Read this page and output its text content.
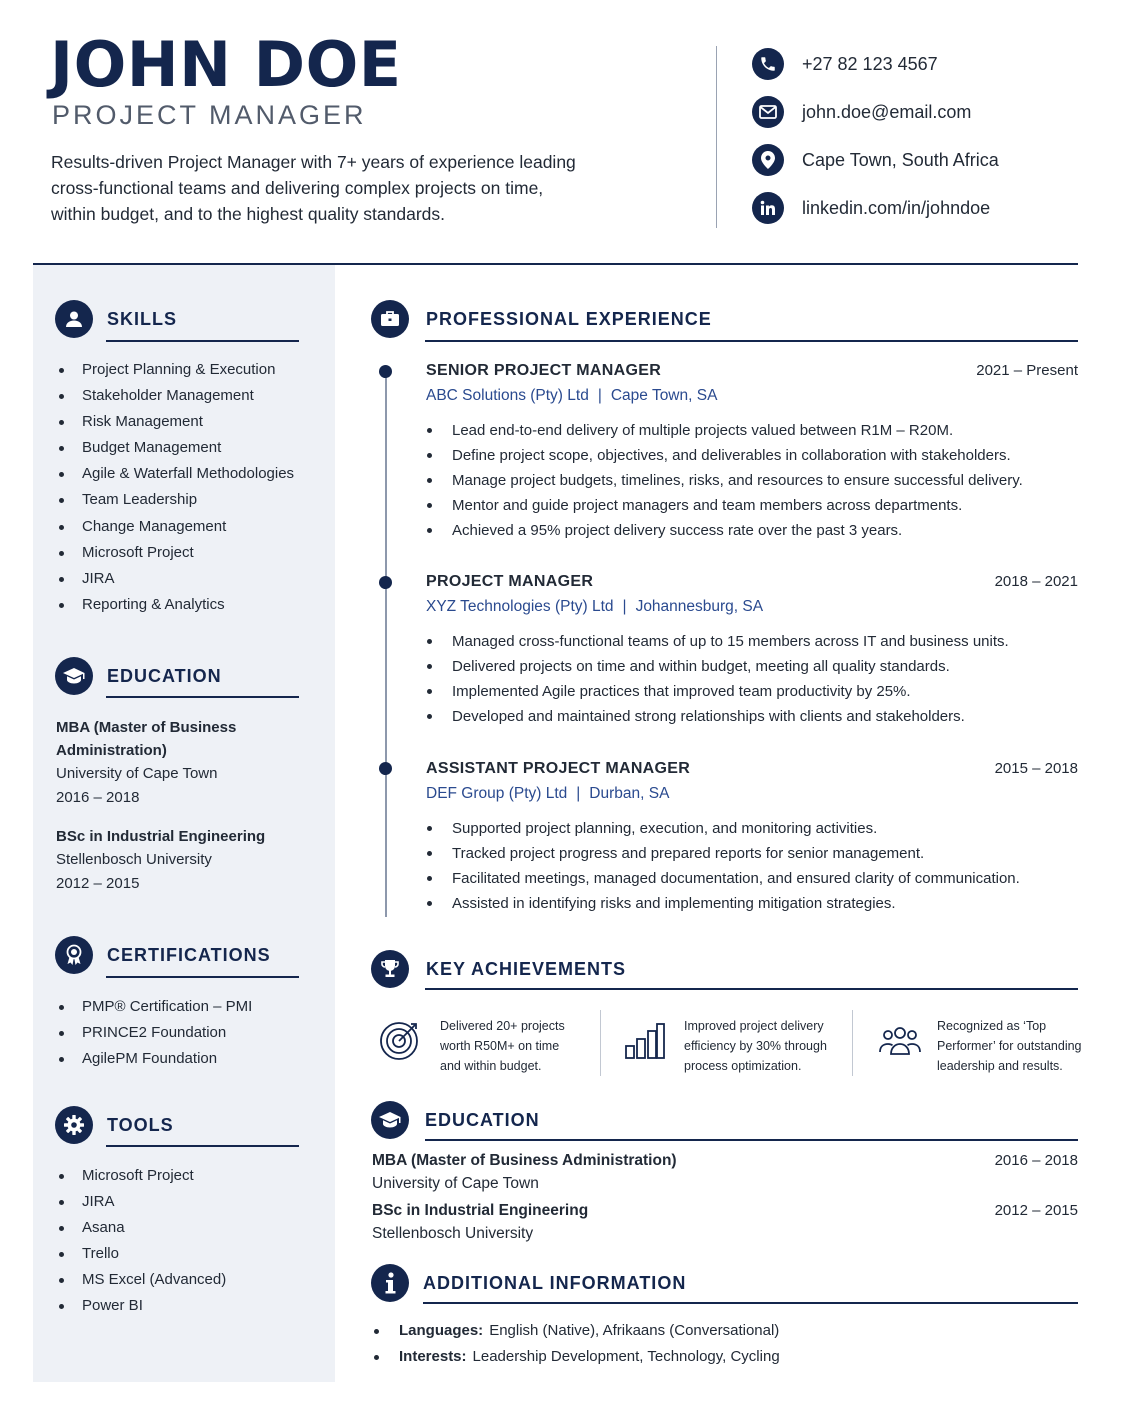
JOHN DOE
PROJECT MANAGER
Results-driven Project Manager with 7+ years of experience leading cross-functional teams and delivering complex projects on time, within budget, and to the highest quality standards.
+27 82 123 4567
john.doe@email.com
Cape Town, South Africa
linkedin.com/in/johndoe
SKILLS
Project Planning & Execution
Stakeholder Management
Risk Management
Budget Management
Agile & Waterfall Methodologies
Team Leadership
Change Management
Microsoft Project
JIRA
Reporting & Analytics
EDUCATION
MBA (Master of Business
Administration)
University of Cape Town
2016 – 2018
BSc in Industrial Engineering
Stellenbosch University
2012 – 2015
CERTIFICATIONS
PMP® Certification – PMI
PRINCE2 Foundation
AgilePM Foundation
TOOLS
Microsoft Project
JIRA
Asana
Trello
MS Excel (Advanced)
Power BI
PROFESSIONAL EXPERIENCE
SENIOR PROJECT MANAGER	2021 – Present
ABC Solutions (Pty) Ltd | Cape Town, SA
Lead end-to-end delivery of multiple projects valued between R1M – R20M.
Define project scope, objectives, and deliverables in collaboration with stakeholders.
Manage project budgets, timelines, risks, and resources to ensure successful delivery.
Mentor and guide project managers and team members across departments.
Achieved a 95% project delivery success rate over the past 3 years.
PROJECT MANAGER	2018 – 2021
XYZ Technologies (Pty) Ltd | Johannesburg, SA
Managed cross-functional teams of up to 15 members across IT and business units.
Delivered projects on time and within budget, meeting all quality standards.
Implemented Agile practices that improved team productivity by 25%.
Developed and maintained strong relationships with clients and stakeholders.
ASSISTANT PROJECT MANAGER	2015 – 2018
DEF Group (Pty) Ltd | Durban, SA
Supported project planning, execution, and monitoring activities.
Tracked project progress and prepared reports for senior management.
Facilitated meetings, managed documentation, and ensured clarity of communication.
Assisted in identifying risks and implementing mitigation strategies.
KEY ACHIEVEMENTS
Delivered 20+ projects
worth R50M+ on time
and within budget.
Improved project delivery
efficiency by 30% through
process optimization.
Recognized as ‘Top
Performer’ for outstanding
leadership and results.
EDUCATION
MBA (Master of Business Administration)	2016 – 2018
University of Cape Town
BSc in Industrial Engineering	2012 – 2015
Stellenbosch University
ADDITIONAL INFORMATION
Languages: English (Native), Afrikaans (Conversational)
Interests: Leadership Development, Technology, Cycling
